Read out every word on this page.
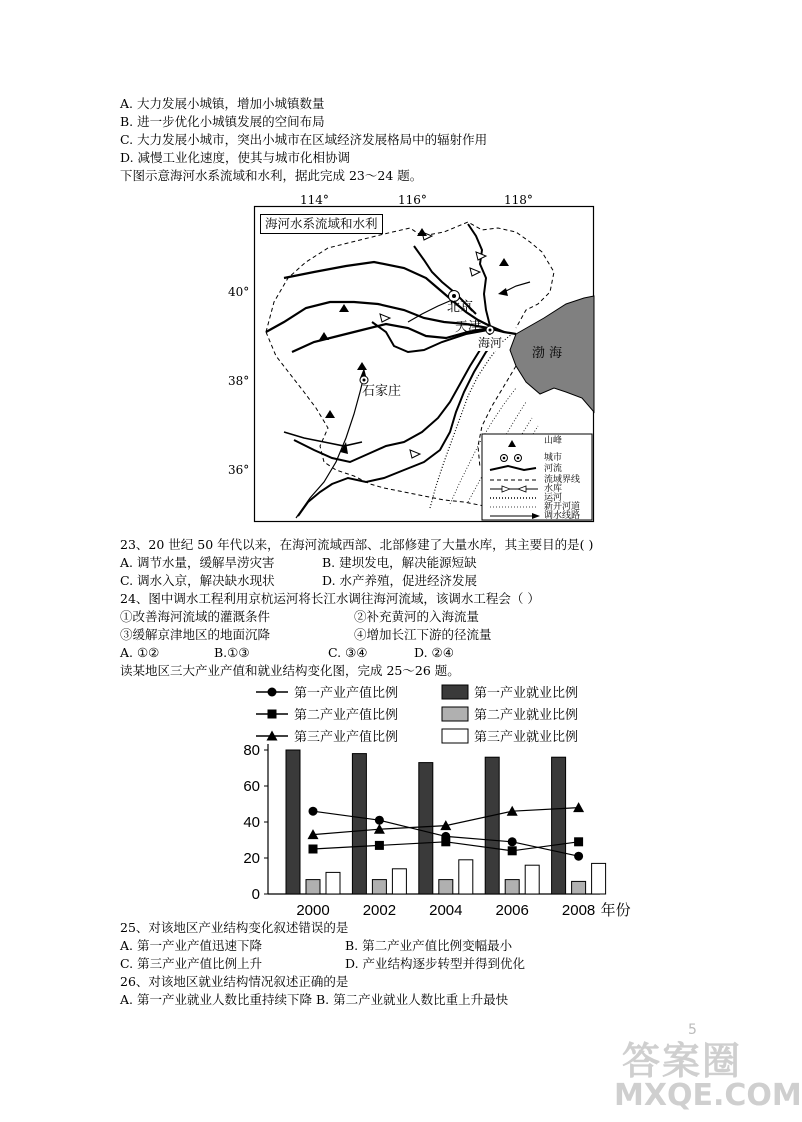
A. 大力发展小城镇，增加小城镇数量
B. 进一步优化小城镇发展的空间布局
C. 大力发展小城市，突出小城市在区域经济发展格局中的辐射作用
D. 减慢工业化速度，使其与城市化相协调
下图示意海河水系流域和水利，据此完成 23～24 题。
114°	116°	118°
40°
38°
36°
海河水系流域和水利
北京
天津
海河
石家庄
渤 海
山峰
城市
河流
流域界线
水库
运河
新开河道
调水线路
23、20 世纪 50 年代以来，在海河流域西部、北部修建了大量水库，其主要目的是( )
A. 调节水量，缓解旱涝灾害	B. 建坝发电，解决能源短缺
C. 调水入京，解决缺水现状	D. 水产养殖，促进经济发展
24、图中调水工程利用京杭运河将长江水调往海河流域，该调水工程会（ ）
①改善海河流域的灌溉条件	②补充黄河的入海流量
③缓解京津地区的地面沉降	④增加长江下游的径流量
A. ①②	B.①③	C. ③④	D. ②④
读某地区三大产业产值和就业结构变化图，完成 25～26 题。
第一产业产值比例
第二产业产值比例
第三产业产值比例
第一产业就业比例
第二产业就业比例
第三产业就业比例
0
20
40
60
80
2000 2002 2004 2006 2008 年份
25、对该地区产业结构变化叙述错误的是
A. 第一产业产值迅速下降	B. 第二产业产值比例变幅最小
C. 第三产业产值比例上升	D. 产业结构逐步转型并得到优化
26、对该地区就业结构情况叙述正确的是
A. 第一产业就业人数比重持续下降 B. 第二产业就业人数比重上升最快
5
答案圈
MXQE.COM
